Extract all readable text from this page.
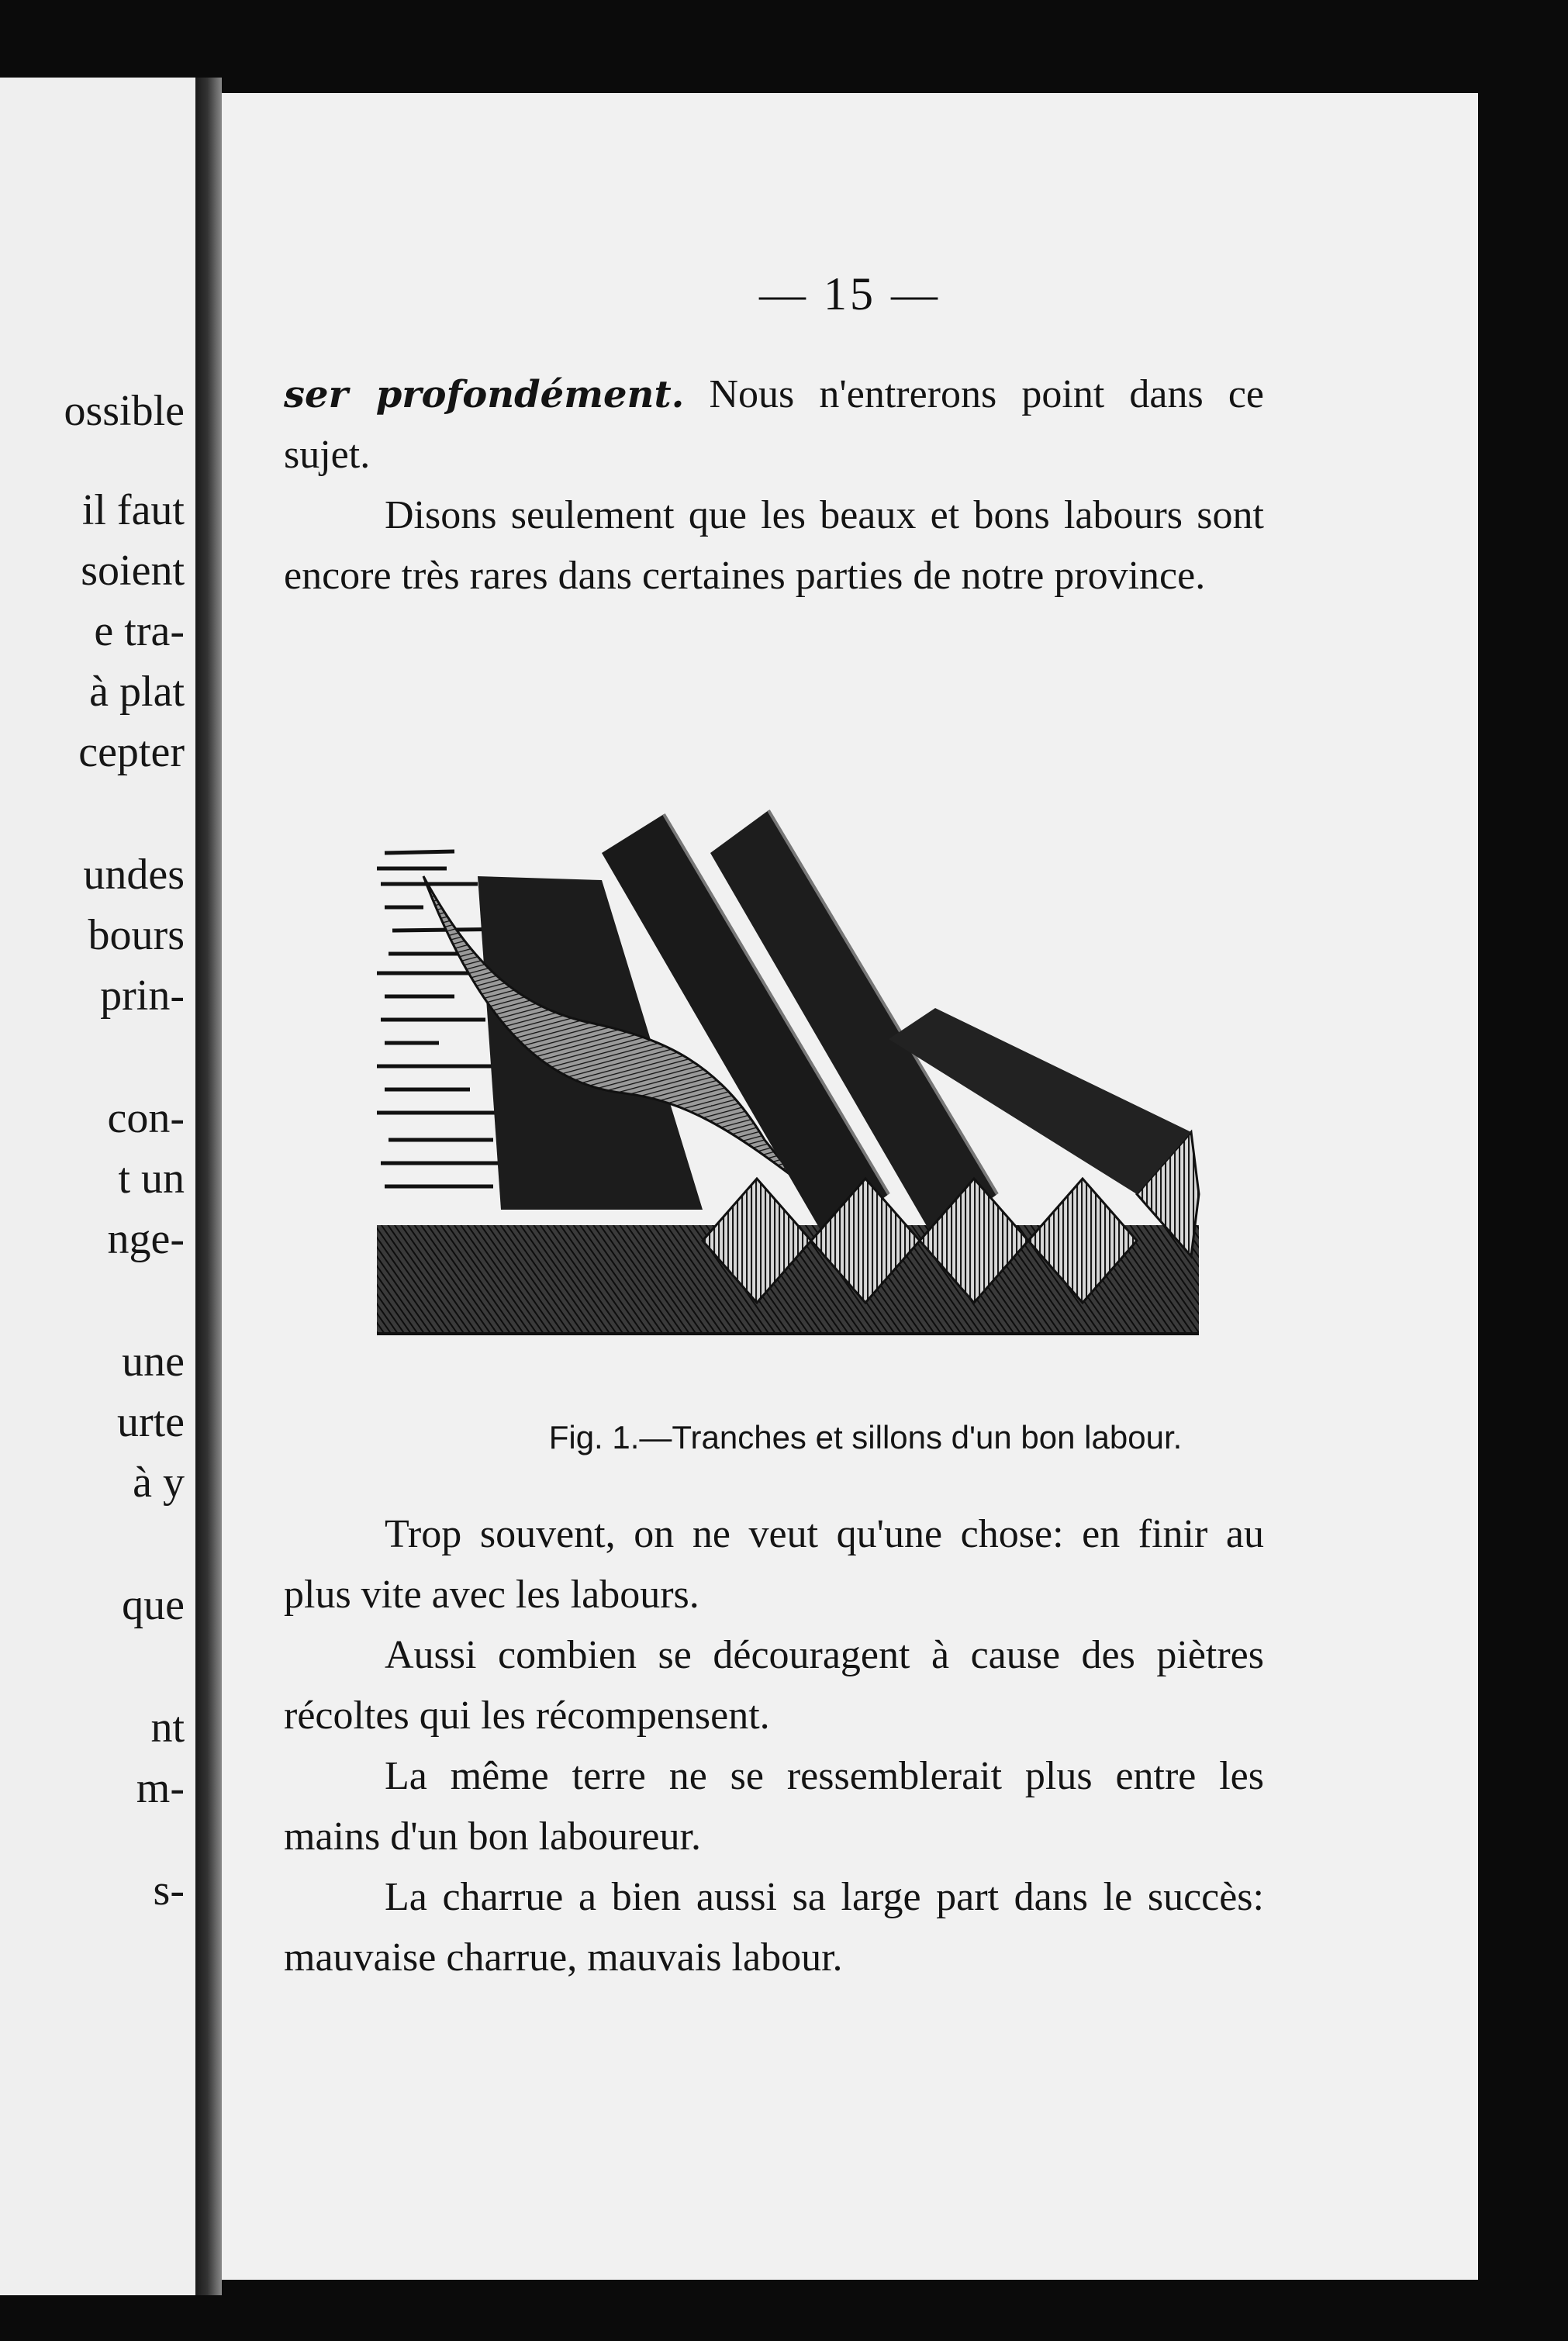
ossible
il faut
soient
e tra-
à plat
cepter
undes
bours
prin-
con-
t un
nge-
une
urte
à y
que
nt
m-
s-
— 15 —

ser profondément. Nous n'entrerons point dans ce sujet.

Disons seulement que les beaux et bons labours sont encore très rares dans certaines parties de notre province.

Fig. 1.—Tranches et sillons d'un bon labour.

Trop souvent, on ne veut qu'une chose: en finir au plus vite avec les labours.

Aussi combien se découragent à cause des piètres récoltes qui les récompensent.

La même terre ne se ressemblerait plus entre les mains d'un bon laboureur.

La charrue a bien aussi sa large part dans le succès: mauvaise charrue, mauvais labour.
